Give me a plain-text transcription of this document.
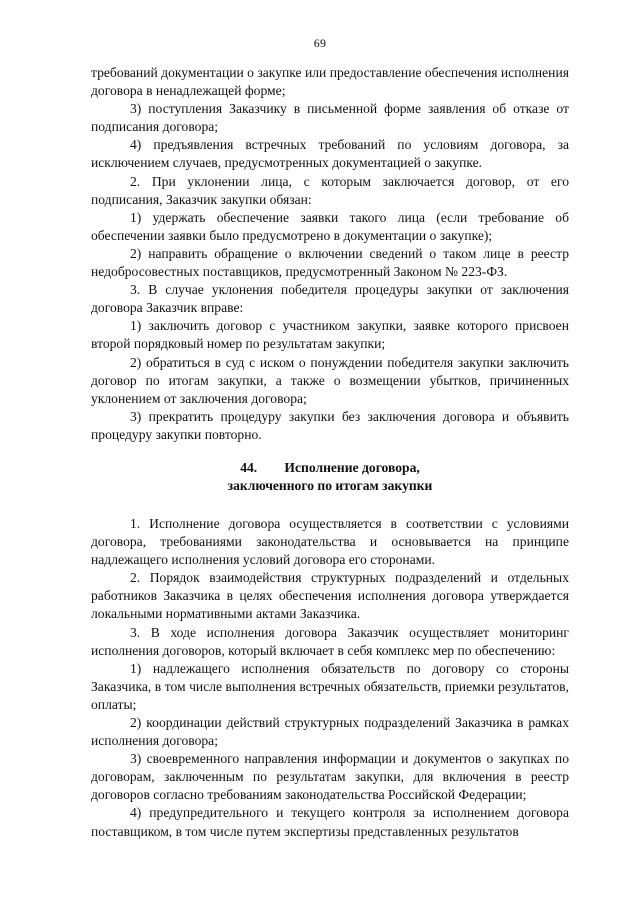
69

требований документации о закупке или предоставление обеспечения исполнения договора в ненадлежащей форме;

3) поступления Заказчику в письменной форме заявления об отказе от подписания договора;

4) предъявления встречных требований по условиям договора, за исключением случаев, предусмотренных документацией о закупке.

2. При уклонении лица, с которым заключается договор, от его подписания, Заказчик закупки обязан:

1) удержать обеспечение заявки такого лица (если требование об обеспечении заявки было предусмотрено в документации о закупке);

2) направить обращение о включении сведений о таком лице в реестр недобросовестных поставщиков, предусмотренный Законом № 223-ФЗ.

3. В случае уклонения победителя процедуры закупки от заключения договора Заказчик вправе:

1) заключить договор с участником закупки, заявке которого присвоен второй порядковый номер по результатам закупки;

2) обратиться в суд с иском о понуждении победителя закупки заключить договор по итогам закупки, а также о возмещении убытков, причиненных уклонением от заключения договора;

3) прекратить процедуру закупки без заключения договора и объявить процедуру закупки повторно.

44.  Исполнение договора,

заключенного по итогам закупки

1. Исполнение договора осуществляется в соответствии с условиями договора, требованиями законодательства и основывается на принципе надлежащего исполнения условий договора его сторонами.

2. Порядок взаимодействия структурных подразделений и отдельных работников Заказчика в целях обеспечения исполнения договора утверждается локальными нормативными актами Заказчика.

3. В ходе исполнения договора Заказчик осуществляет мониторинг исполнения договоров, который включает в себя комплекс мер по обеспечению:

1) надлежащего исполнения обязательств по договору со стороны Заказчика, в том числе выполнения встречных обязательств, приемки результатов, оплаты;

2) координации действий структурных подразделений Заказчика в рамках исполнения договора;

3) своевременного направления информации и документов о закупках по договорам, заключенным по результатам закупки, для включения в реестр договоров согласно требованиям законодательства Российской Федерации;

4) предупредительного и текущего контроля за исполнением договора поставщиком, в том числе путем экспертизы представленных результатов
